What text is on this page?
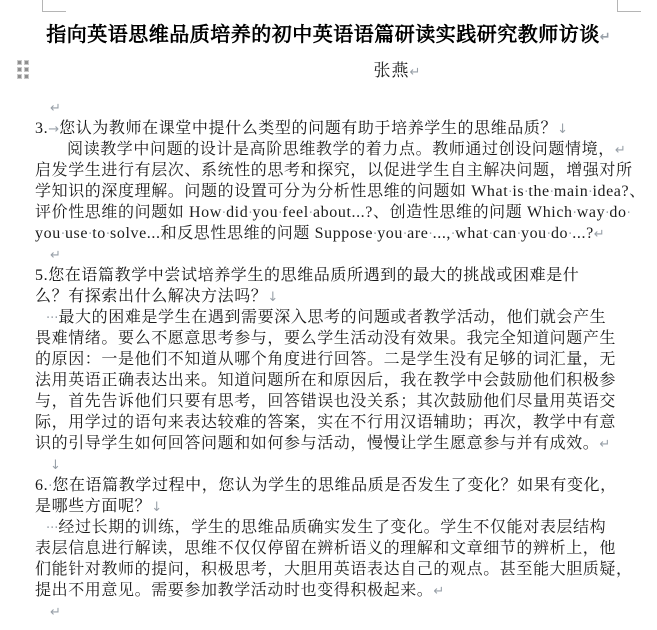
指向英语思维品质培养的初中英语语篇研读实践研究教师访谈↵
张燕↵
↵
3.→您认为教师在课堂中提什么类型的问题有助于培养学生的思维品质？↓
阅读教学中问题的设计是高阶思维教学的着力点。教师通过创设问题情境，↵
启发学生进行有层次、系统性的思考和探究，以促进学生自主解决问题，增强对所
学知识的深度理解。问题的设置可分为分析性思维的问题如 What·is·the·main·idea?、
评价性思维的问题如 How·did·you·feel·about...?、创造性思维的问题 Which·way·do·
you·use·to·solve...和反思性思维的问题 Suppose·you·are·...,·what·can·you·do·...?↵
↵
5.您在语篇教学中尝试培养学生的思维品质所遇到的最大的挑战或困难是什
么？有探索出什么解决方法吗？↓
···最大的困难是学生在遇到需要深入思考的问题或者教学活动，他们就会产生
畏难情绪。要么不愿意思考参与，要么学生活动没有效果。我完全知道问题产生
的原因：一是他们不知道从哪个角度进行回答。二是学生没有足够的词汇量，无
法用英语正确表达出来。知道问题所在和原因后，我在教学中会鼓励他们积极参
与，首先告诉他们只要有思考，回答错误也没关系；其次鼓励他们尽量用英语交
际，用学过的语句来表达较难的答案，实在不行用汉语辅助；再次，教学中有意
识的引导学生如何回答问题和如何参与活动，慢慢让学生愿意参与并有成效。↵
↓
6.·您在语篇教学过程中，您认为学生的思维品质是否发生了变化？如果有变化，
是哪些方面呢？↓
···经过长期的训练，学生的思维品质确实发生了变化。学生不仅能对表层结构
表层信息进行解读，思维不仅仅停留在辨析语义的理解和文章细节的辨析上，他
们能针对教师的提问，积极思考，大胆用英语表达自己的观点。甚至能大胆质疑，
提出不用意见。需要参加教学活动时也变得积极起来。↵
↵
